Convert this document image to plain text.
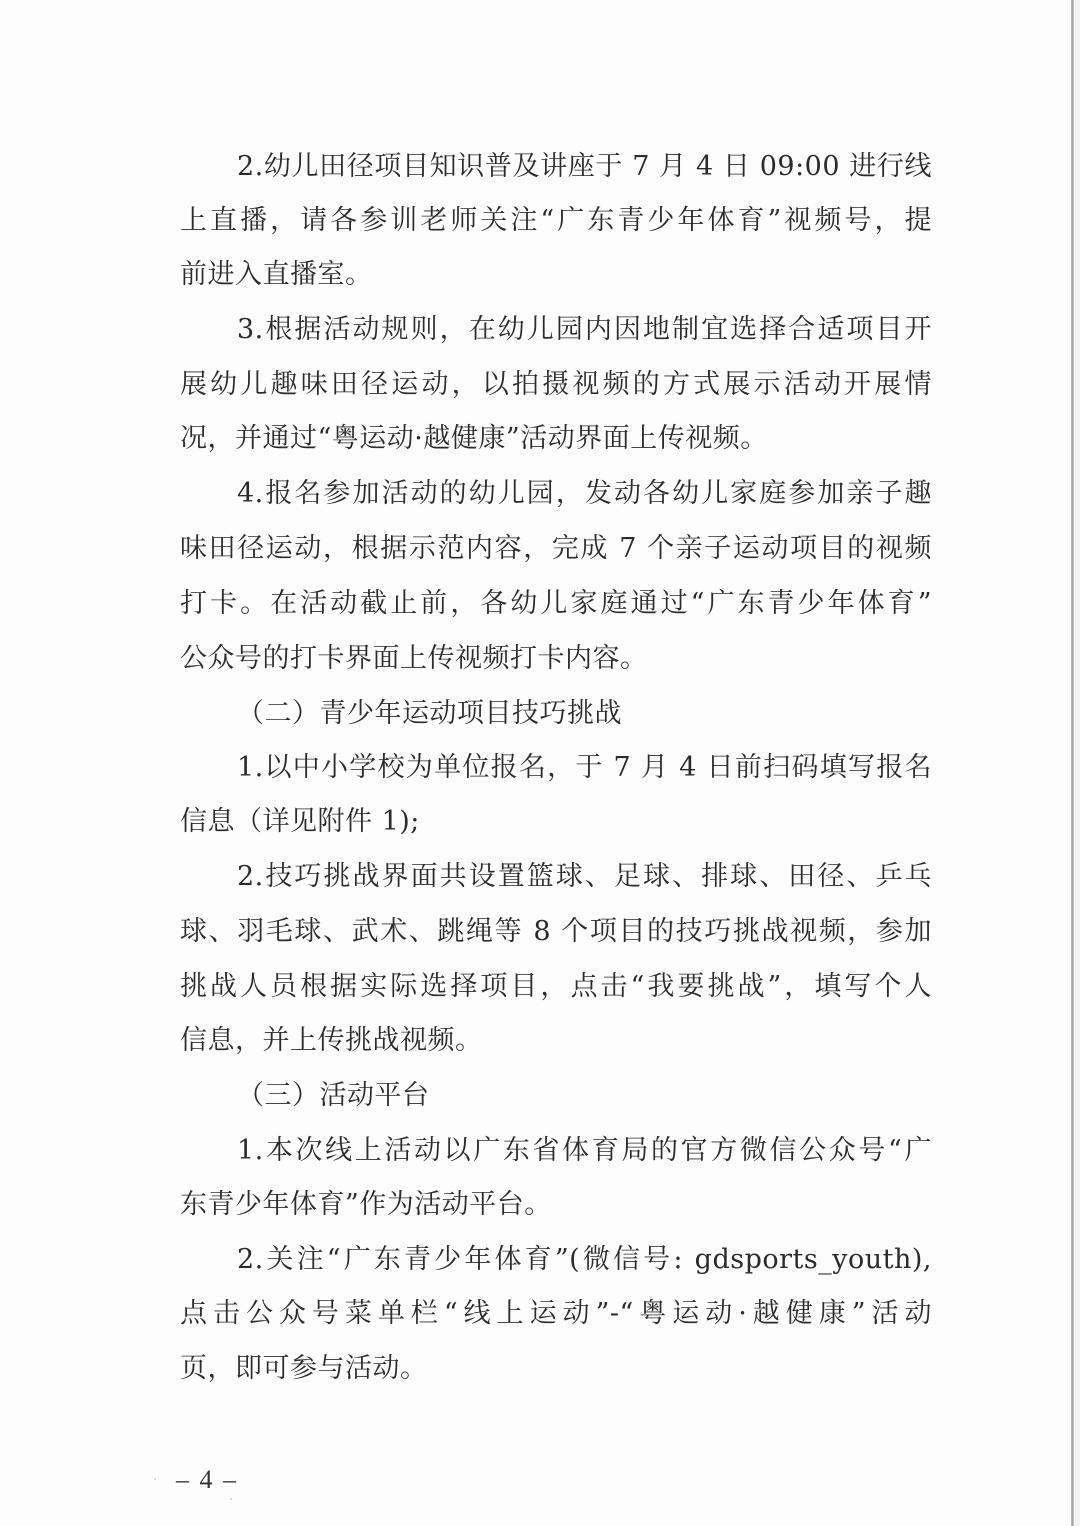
2.幼儿田径项目知识普及讲座于 7 月 4 日 09:00 进行线
上直播，请各参训老师关注“广东青少年体育”视频号，提
前进入直播室。
3.根据活动规则，在幼儿园内因地制宜选择合适项目开
展幼儿趣味田径运动，以拍摄视频的方式展示活动开展情
况，并通过“粤运动·越健康”活动界面上传视频。
4.报名参加活动的幼儿园，发动各幼儿家庭参加亲子趣
味田径运动，根据示范内容，完成 7 个亲子运动项目的视频
打卡。在活动截止前，各幼儿家庭通过“广东青少年体育”
公众号的打卡界面上传视频打卡内容。
（二）青少年运动项目技巧挑战
1.以中小学校为单位报名，于 7 月 4 日前扫码填写报名
信息（详见附件 1);
2.技巧挑战界面共设置篮球、足球、排球、田径、乒乓
球、羽毛球、武术、跳绳等 8 个项目的技巧挑战视频，参加
挑战人员根据实际选择项目，点击“我要挑战”，填写个人
信息，并上传挑战视频。
（三）活动平台
1.本次线上活动以广东省体育局的官方微信公众号“广
东青少年体育”作为活动平台。
2.关注“广东青少年体育”(微信号: gdsports_youth),
点击公众号菜单栏“线上运动”-“粤运动·越健康”活动
页，即可参与活动。
– 4 –
